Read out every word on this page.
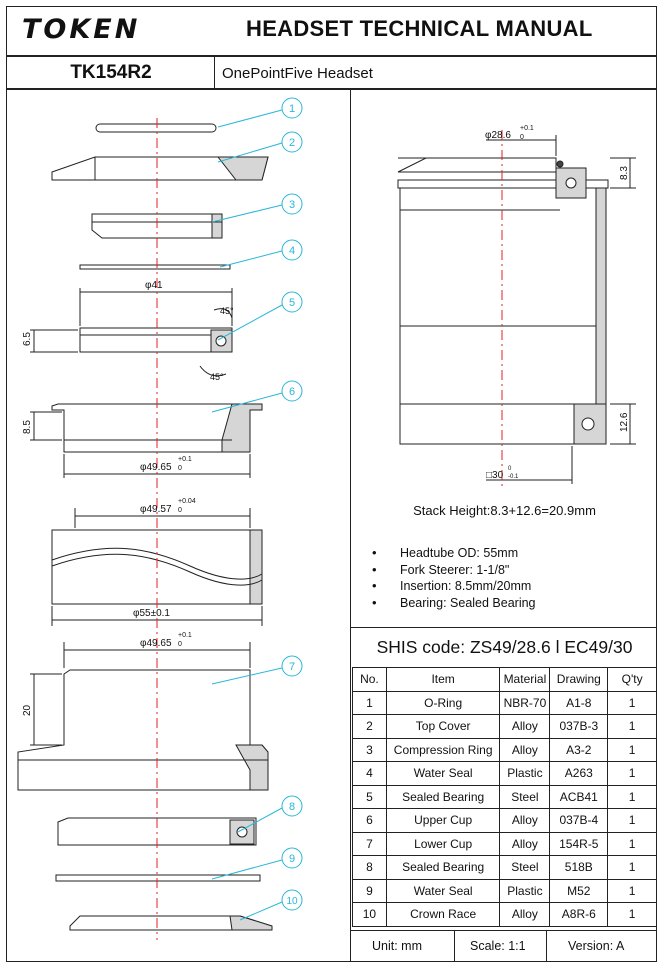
TOKEN	HEADSET TECHNICAL MANUAL
TK154R2	OnePointFive Headset
1
2
3
4
5
6
7
8
9
10
φ41
45°
45°
6.5
8.5
φ49.65
+0.1
0
φ49.57
+0.04
0
φ55±0.1
φ49.65
+0.1
0
20
φ28.6
+0.1
0
8.3
12.6
□30
0
-0.1
Stack Height:8.3+12.6=20.9mm
• Headtube OD: 55mm
• Fork Steerer: 1-1/8"
• Insertion: 8.5mm/20mm
• Bearing: Sealed Bearing
SHIS code: ZS49/28.6 l EC49/30
No.	Item	Material	Drawing	Q'ty
1	O-Ring	NBR-70	A1-8	1
2	Top Cover	Alloy	037B-3	1
3	Compression Ring	Alloy	A3-2	1
4	Water Seal	Plastic	A263	1
5	Sealed Bearing	Steel	ACB41	1
6	Upper Cup	Alloy	037B-4	1
7	Lower Cup	Alloy	154R-5	1
8	Sealed Bearing	Steel	518B	1
9	Water Seal	Plastic	M52	1
10	Crown Race	Alloy	A8R-6	1
Unit: mm	Scale: 1:1	Version: A
